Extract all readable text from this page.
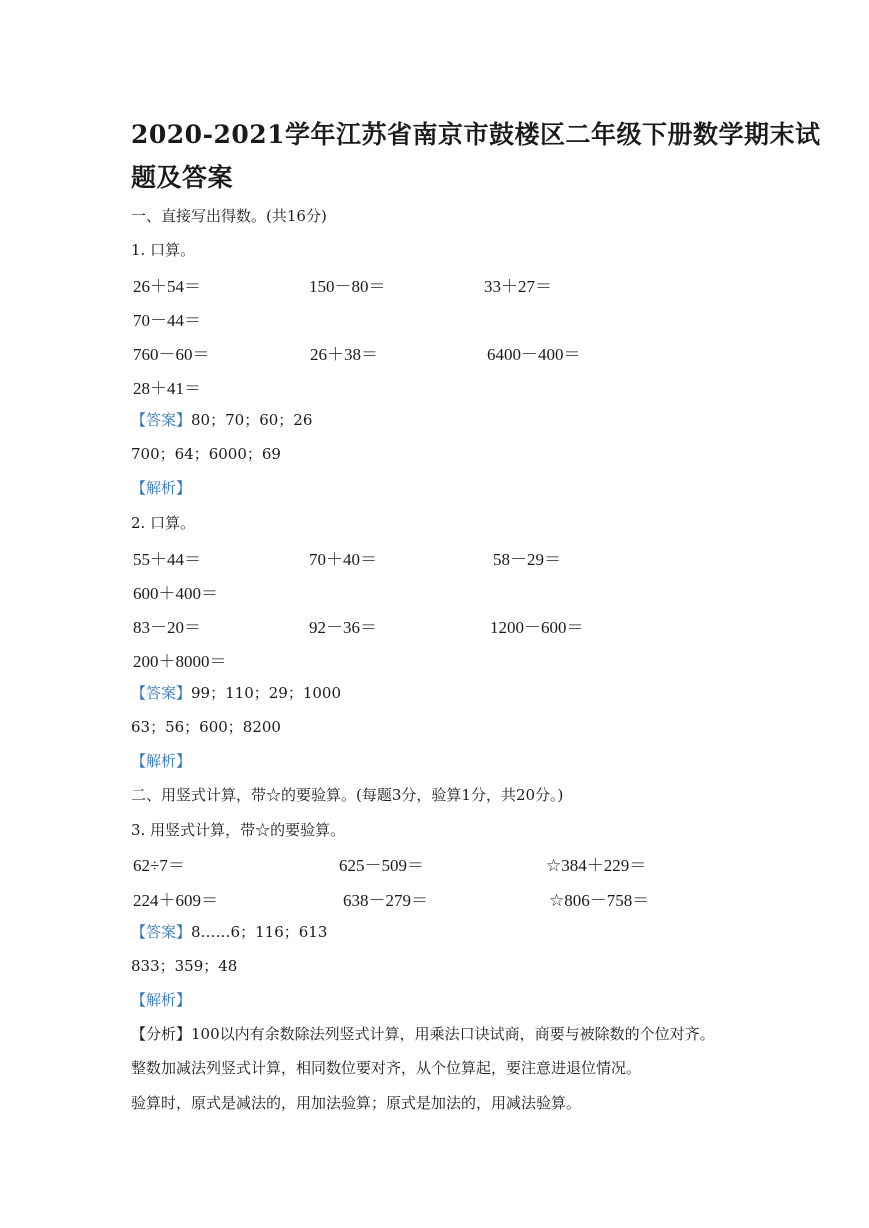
2020-2021学年江苏省南京市鼓楼区二年级下册数学期末试
题及答案
一、直接写出得数。(共16分)
1. 口算。
26＋54＝	150－80＝	33＋27＝
70－44＝
760－60＝	26＋38＝	6400－400＝
28＋41＝
【答案】80；70；60；26
700；64；6000；69
【解析】
2. 口算。
55＋44＝	70＋40＝	58－29＝
600＋400＝
83－20＝	92－36＝	1200－600＝
200＋8000＝
【答案】99；110；29；1000
63；56；600；8200
【解析】
二、用竖式计算，带☆的要验算。(每题3分，验算1分，共20分。)
3. 用竖式计算，带☆的要验算。
62÷7＝	625－509＝	☆384＋229＝
224＋609＝	638－279＝	☆806－758＝
【答案】8……6；116；613
833；359；48
【解析】
【分析】100以内有余数除法列竖式计算，用乘法口诀试商，商要与被除数的个位对齐。
整数加减法列竖式计算，相同数位要对齐，从个位算起，要注意进退位情况。
验算时，原式是减法的，用加法验算；原式是加法的，用减法验算。
